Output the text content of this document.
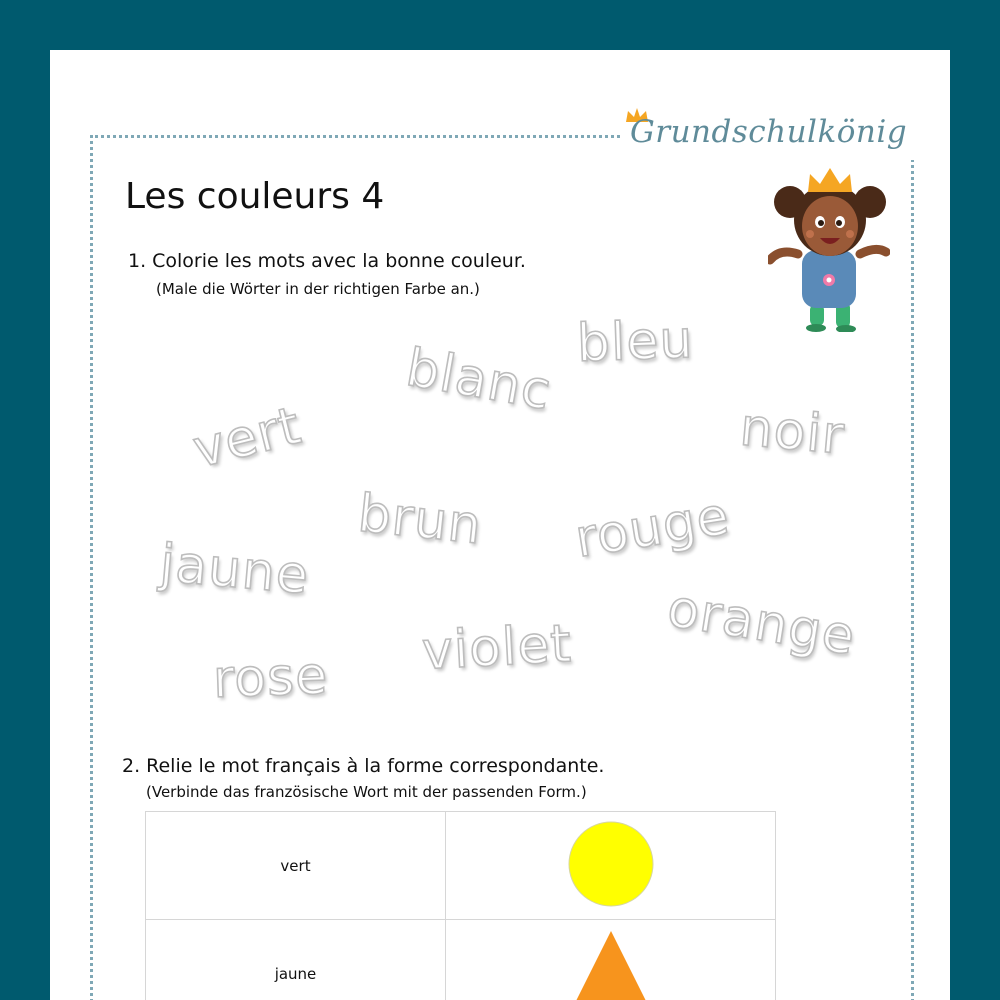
Grundschulkönig
Les couleurs 4
1. Colorie les mots avec la bonne couleur.
(Male die Wörter in der richtigen Farbe an.)
blanc bleu
vert	noir
brun rouge
jaune
orange
violet
rose
2. Relie le mot français à la forme correspondante.
(Verbinde das französische Wort mit der passenden Form.)
vert	
jaune	
